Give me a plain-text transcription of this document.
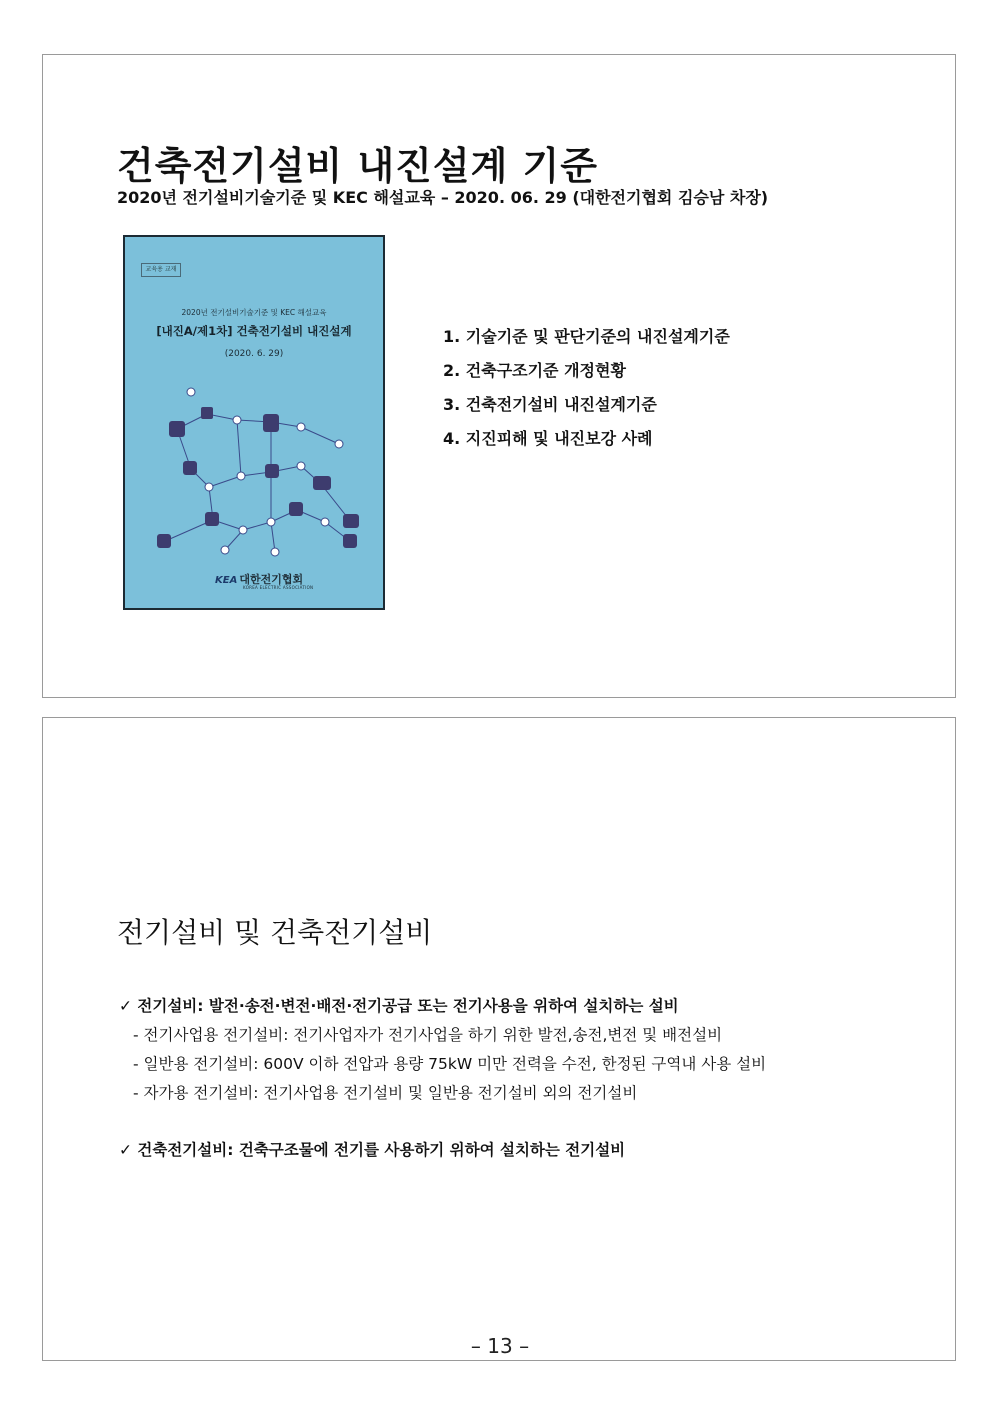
건축전기설비 내진설계 기준
2020년 전기설비기술기준 및 KEC 해설교육 – 2020. 06. 29 (대한전기협회 김승남 차장)
교육용 교재
2020년 전기설비기술기준 및 KEC 해설교육
[내진A/제1차] 건축전기설비 내진설계
(2020. 6. 29)
KEA 대한전기협회
KOREA ELECTRIC ASSOCIATION
1. 기술기준 및 판단기준의 내진설계기준
2. 건축구조기준 개정현황
3. 건축전기설비 내진설계기준
4. 지진피해 및 내진보강 사례
전기설비 및 건축전기설비
✓ 전기설비: 발전·송전·변전·배전·전기공급 또는 전기사용을 위하여 설치하는 설비
- 전기사업용 전기설비: 전기사업자가 전기사업을 하기 위한 발전,송전,변전 및 배전설비
- 일반용 전기설비: 600V 이하 전압과 용량 75kW 미만 전력을 수전, 한정된 구역내 사용 설비
- 자가용 전기설비: 전기사업용 전기설비 및 일반용 전기설비 외의 전기설비
✓ 건축전기설비: 건축구조물에 전기를 사용하기 위하여 설치하는 전기설비
– 13 –
